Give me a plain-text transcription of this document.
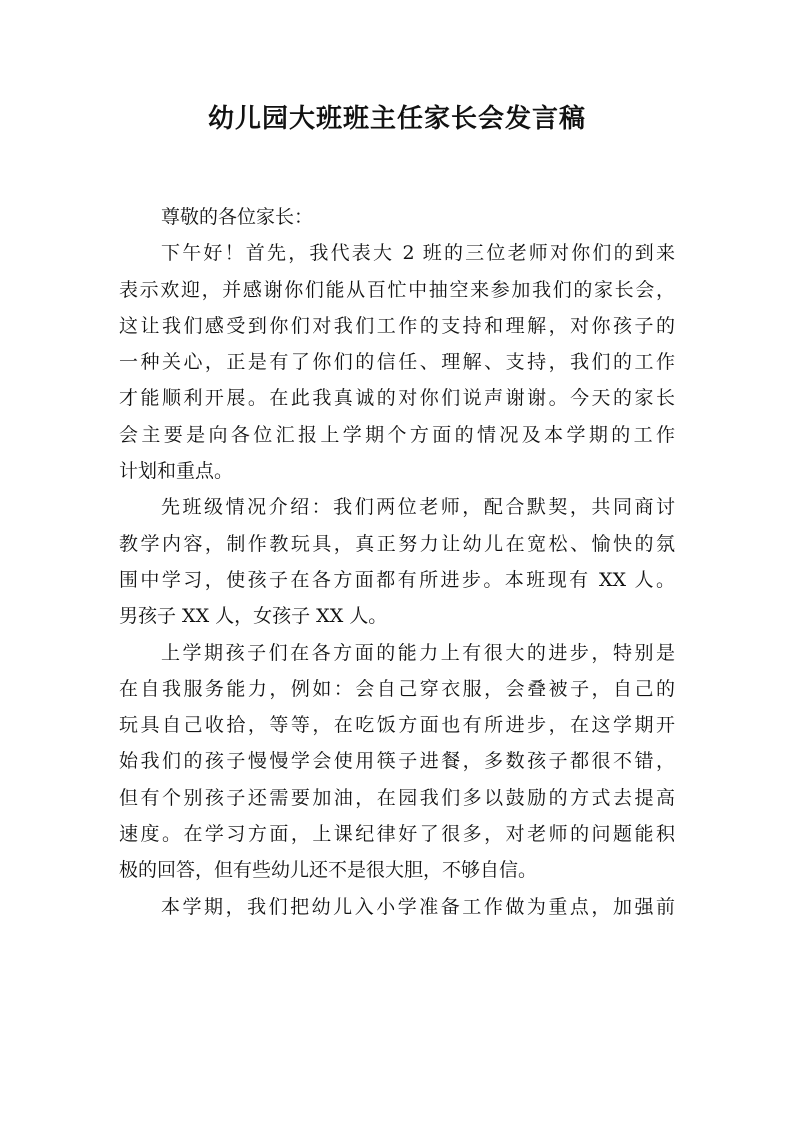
幼儿园大班班主任家长会发言稿
尊敬的各位家长：
下午好！首先，我代表大 2 班的三位老师对你们的到来
表示欢迎，并感谢你们能从百忙中抽空来参加我们的家长会，
这让我们感受到你们对我们工作的支持和理解，对你孩子的
一种关心，正是有了你们的信任、理解、支持，我们的工作
才能顺利开展。在此我真诚的对你们说声谢谢。今天的家长
会主要是向各位汇报上学期个方面的情况及本学期的工作
计划和重点。
先班级情况介绍：我们两位老师，配合默契，共同商讨
教学内容，制作教玩具，真正努力让幼儿在宽松、愉快的氛
围中学习，使孩子在各方面都有所进步。本班现有 XX 人。
男孩子 XX 人，女孩子 XX 人。
上学期孩子们在各方面的能力上有很大的进步，特别是
在自我服务能力，例如：会自己穿衣服，会叠被子，自己的
玩具自己收拾，等等，在吃饭方面也有所进步，在这学期开
始我们的孩子慢慢学会使用筷子进餐，多数孩子都很不错，
但有个别孩子还需要加油，在园我们多以鼓励的方式去提高
速度。在学习方面，上课纪律好了很多，对老师的问题能积
极的回答，但有些幼儿还不是很大胆，不够自信。
本学期，我们把幼儿入小学准备工作做为重点，加强前
